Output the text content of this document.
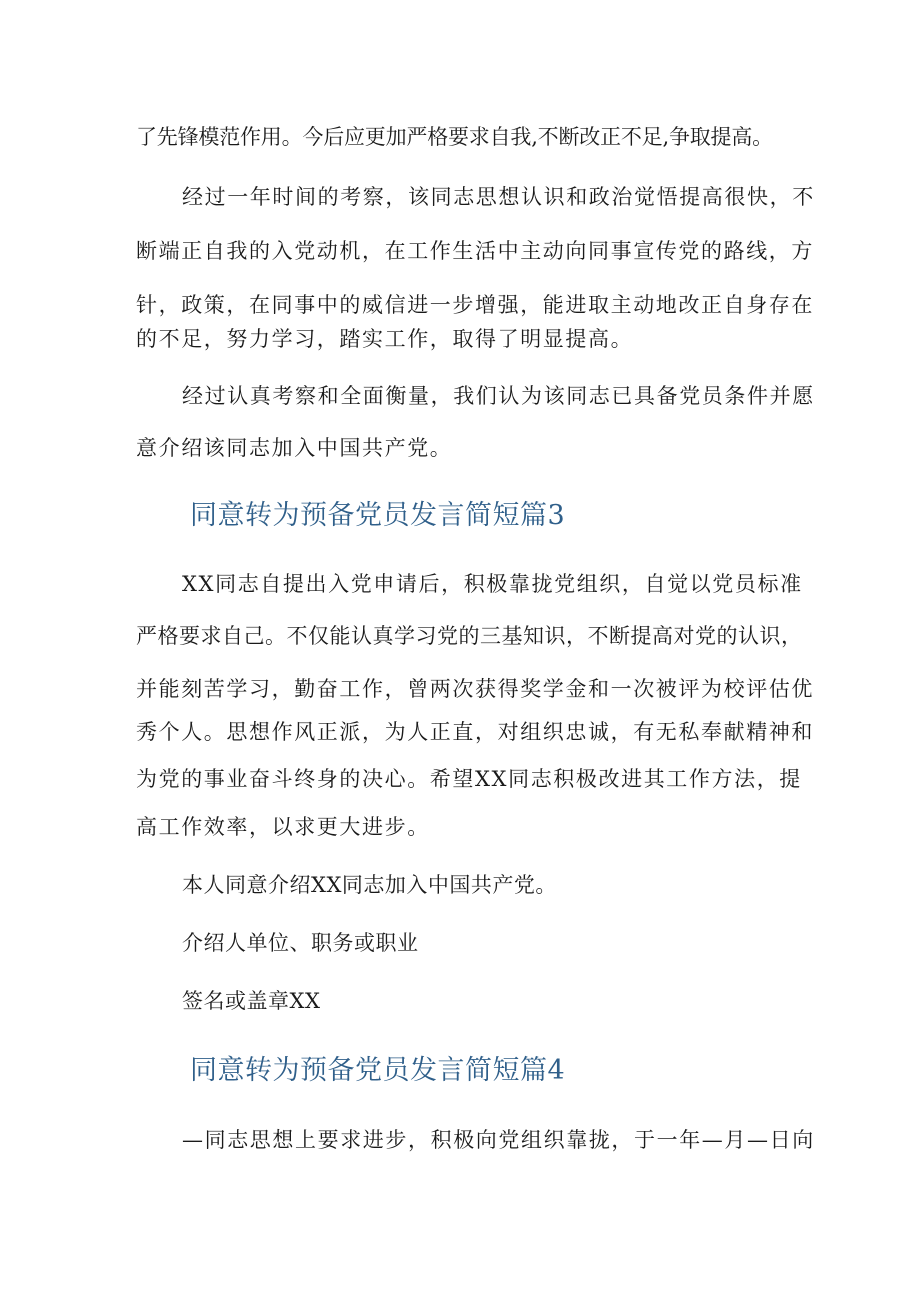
了先锋模范作用。今后应更加严格要求自我,不断改正不足,争取提高。
经过一年时间的考察，该同志思想认识和政治觉悟提高很快，不
断端正自我的入党动机，在工作生活中主动向同事宣传党的路线，方
针，政策，在同事中的威信进一步增强，能进取主动地改正自身存在
的不足，努力学习，踏实工作，取得了明显提高。
经过认真考察和全面衡量，我们认为该同志已具备党员条件并愿
意介绍该同志加入中国共产党。
同意转为预备党员发言简短篇3
XX同志自提出入党申请后，积极靠拢党组织，自觉以党员标准
严格要求自己。不仅能认真学习党的三基知识，不断提高对党的认识，
并能刻苦学习，勤奋工作，曾两次获得奖学金和一次被评为校评估优
秀个人。思想作风正派，为人正直，对组织忠诚，有无私奉献精神和
为党的事业奋斗终身的决心。希望XX同志积极改进其工作方法，提
高工作效率，以求更大进步。
本人同意介绍XX同志加入中国共产党。
介绍人单位、职务或职业
签名或盖章XX
同意转为预备党员发言简短篇4
—同志思想上要求进步，积极向党组织靠拢，于一年—月—日向
